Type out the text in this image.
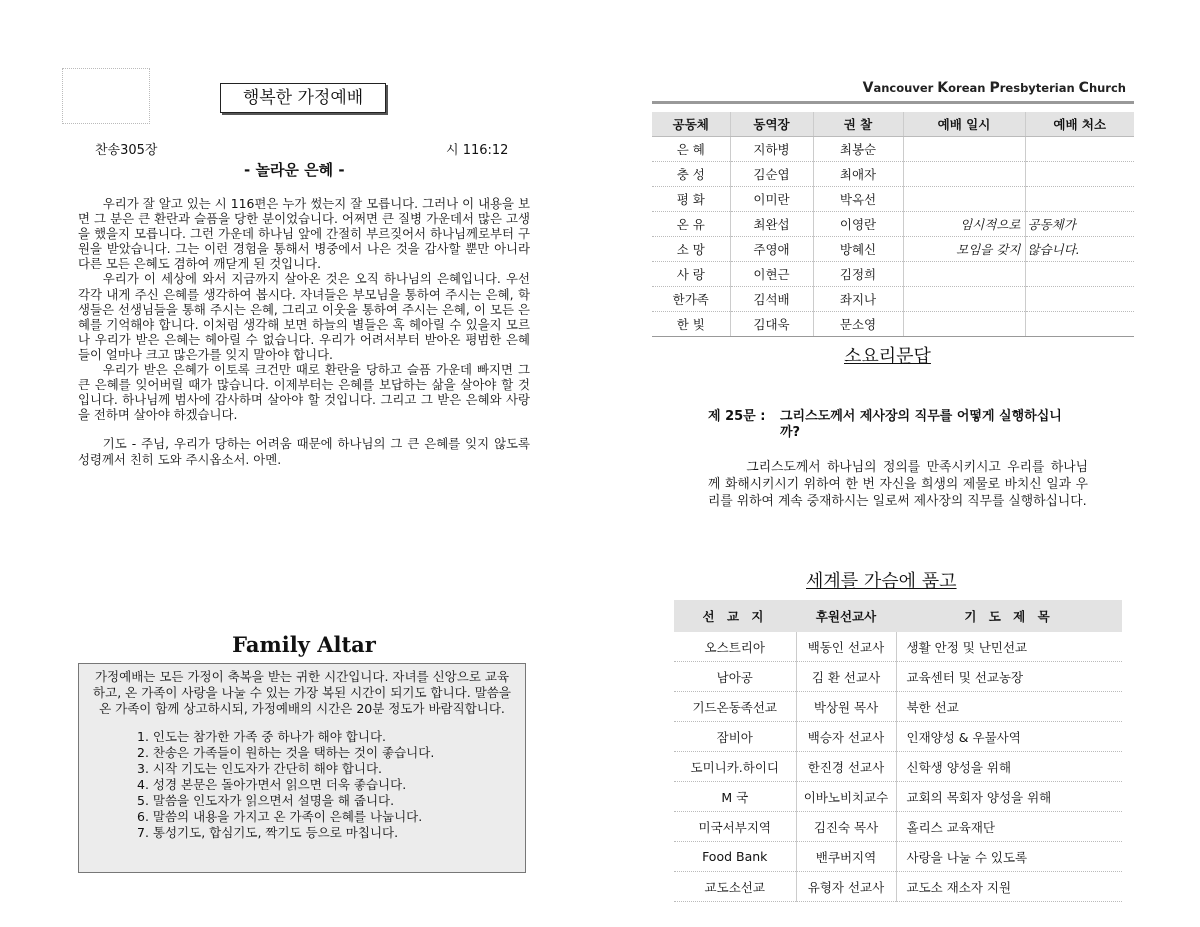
행복한 가정예배
찬송305장	시 116:12
- 놀라운 은혜 -

우리가 잘 알고 있는 시 116편은 누가 썼는지 잘 모릅니다. 그러나 이 내용을 보면 그 분은 큰 환란과 슬픔을 당한 분이었습니다. 어쩌면 큰 질병 가운데서 많은 고생을 했을지 모릅니다. 그런 가운데 하나님 앞에 간절히 부르짖어서 하나님께로부터 구원을 받았습니다. 그는 이런 경험을 통해서 병중에서 나은 것을 감사할 뿐만 아니라 다른 모든 은혜도 겸하여 깨닫게 된 것입니다.

우리가 이 세상에 와서 지금까지 살아온 것은 오직 하나님의 은혜입니다. 우선 각각 내게 주신 은혜를 생각하여 봅시다. 자녀들은 부모님을 통하여 주시는 은혜, 학생들은 선생님들을 통해 주시는 은혜, 그리고 이웃을 통하여 주시는 은혜, 이 모든 은혜를 기억해야 합니다. 이처럼 생각해 보면 하늘의 별들은 혹 헤아릴 수 있을지 모르나 우리가 받은 은혜는 헤아릴 수 없습니다. 우리가 어려서부터 받아온 평범한 은혜들이 얼마나 크고 많은가를 잊지 말아야 합니다.

우리가 받은 은혜가 이토록 크건만 때로 환란을 당하고 슬픔 가운데 빠지면 그 큰 은혜를 잊어버릴 때가 많습니다. 이제부터는 은혜를 보답하는 삶을 살아야 할 것입니다. 하나님께 범사에 감사하며 살아야 할 것입니다. 그리고 그 받은 은혜와 사랑을 전하며 살아야 하겠습니다.

기도 - 주님, 우리가 당하는 어려움 때문에 하나님의 그 큰 은혜를 잊지 않도록 성령께서 친히 도와 주시옵소서. 아멘.

Family Altar

가정예배는 모든 가정이 축복을 받는 귀한 시간입니다. 자녀를 신앙으로 교육 하고, 온 가족이 사랑을 나눌 수 있는 가장 복된 시간이 되기도 합니다. 말씀을 온 가족이 함께 상고하시되, 가정예배의 시간은 20분 정도가 바람직합니다.

1. 인도는 참가한 가족 중 하나가 해야 합니다.
2. 찬송은 가족들이 원하는 것을 택하는 것이 좋습니다.
3. 시작 기도는 인도자가 간단히 해야 합니다.
4. 성경 본문은 돌아가면서 읽으면 더욱 좋습니다.
5. 말씀을 인도자가 읽으면서 설명을 해 줍니다.
6. 말씀의 내용을 가지고 온 가족이 은혜를 나눕니다.
7. 통성기도, 합심기도, 짝기도 등으로 마칩니다.
Vancouver Korean Presbyterian Church
공동체	동역장	권 찰	예배 일시	예배 처소
은 혜	지하병	최봉순		
충 성	김순엽	최애자		
평 화	이미란	박옥선		
온 유	최완섭	이영란	임시적으로	공동체가
소 망	주영애	방혜신	모임을 갖지	않습니다.
사 랑	이현근	김정희		
한가족	김석배	좌지나		
한 빛	김대욱	문소영		
소요리문답
제 25문 : 그리스도께서 제사장의 직무를 어떻게 실행하십니까?
그리스도께서 하나님의 정의를 만족시키시고 우리를 하나님께 화해시키시기 위하여 한 번 자신을 희생의 제물로 바치신 일과 우리를 위하여 계속 중재하시는 일로써 제사장의 직무를 실행하십니다.
세계를 가슴에 품고
선 교 지	후원선교사	기 도 제 목
오스트리아	백동인 선교사	생활 안정 및 난민선교
남아공	김 환 선교사	교육센터 및 선교농장
기드온동족선교	박상원 목사	북한 선교
잠비아	백승자 선교사	인재양성 & 우물사역
도미니카.하이디	한진경 선교사	신학생 양성을 위해
M 국	이바노비치교수	교회의 목회자 양성을 위해
미국서부지역	김진숙 목사	홀리스 교육재단
Food Bank	밴쿠버지역	사랑을 나눌 수 있도록
교도소선교	유형자 선교사	교도소 재소자 지원
